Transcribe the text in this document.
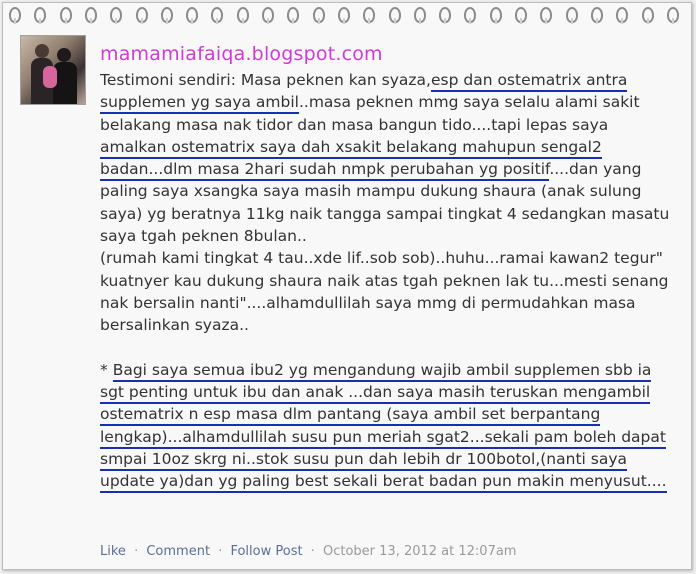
mamamiafaiqa.blogspot.com
Testimoni sendiri: Masa peknen kan syaza,esp dan ostematrix antra
supplemen yg saya ambil..masa peknen mmg saya selalu alami sakit
belakang masa nak tidor dan masa bangun tido....tapi lepas saya
amalkan ostematrix saya dah xsakit belakang mahupun sengal2
badan...dlm masa 2hari sudah nmpk perubahan yg positif....dan yang
paling saya xsangka saya masih mampu dukung shaura (anak sulung
saya) yg beratnya 11kg naik tangga sampai tingkat 4 sedangkan masatu
saya tgah peknen 8bulan..
(rumah kami tingkat 4 tau..xde lif..sob sob)..huhu...ramai kawan2 tegur"
kuatnyer kau dukung shaura naik atas tgah peknen lak tu...mesti senang
nak bersalin nanti"....alhamdullilah saya mmg di permudahkan masa
bersalinkan syaza..
* Bagi saya semua ibu2 yg mengandung wajib ambil supplemen sbb ia
sgt penting untuk ibu dan anak ...dan saya masih teruskan mengambil
ostematrix n esp masa dlm pantang (saya ambil set berpantang
lengkap)...alhamdullilah susu pun meriah sgat2...sekali pam boleh dapat
smpai 10oz skrg ni..stok susu pun dah lebih dr 100botol,(nanti saya
update ya)dan yg paling best sekali berat badan pun makin menyusut....
Like · Comment · Follow Post · October 13, 2012 at 12:07am
